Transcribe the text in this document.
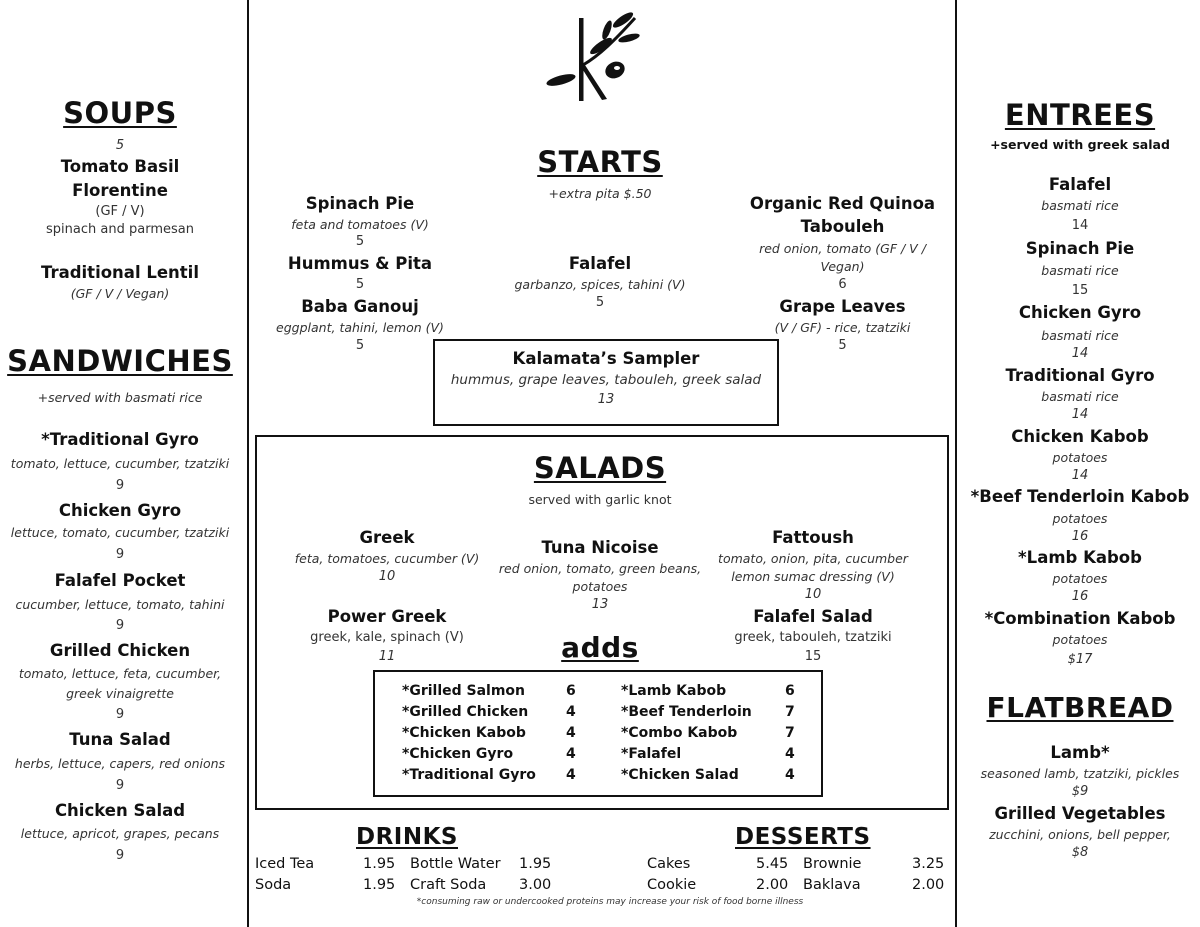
SOUPS
5
Tomato Basil
Florentine
(GF / V)
spinach and parmesan
Traditional Lentil
(GF / V / Vegan)
SANDWICHES
+served with basmati rice
*Traditional Gyro
tomato, lettuce, cucumber, tzatziki
9
Chicken Gyro
lettuce, tomato, cucumber, tzatziki
9
Falafel Pocket
cucumber, lettuce, tomato, tahini
9
Grilled Chicken
tomato, lettuce, feta, cucumber,
greek vinaigrette
9
Tuna Salad
herbs, lettuce, capers, red onions
9
Chicken Salad
lettuce, apricot, grapes, pecans
9
STARTS
+extra pita $.50
Spinach Pie
feta and tomatoes (V)
5
Hummus & Pita
5
Baba Ganouj
eggplant, tahini, lemon (V)
5
Falafel
garbanzo, spices, tahini (V)
5
Organic Red Quinoa
Tabouleh
red onion, tomato (GF / V /
Vegan)
6
Grape Leaves
(V / GF) - rice, tzatziki
5
Kalamata’s Sampler
hummus, grape leaves, tabouleh, greek salad
13
SALADS
served with garlic knot
Greek
feta, tomatoes, cucumber (V)
10
Tuna Nicoise
red onion, tomato, green beans,
potatoes
13
Fattoush
tomato, onion, pita, cucumber
lemon sumac dressing (V)
10
Power Greek
greek, kale, spinach (V)
11
Falafel Salad
greek, tabouleh, tzatziki
15
adds
*Grilled Salmon	6
*Grilled Chicken	4
*Chicken Kabob	4
*Chicken Gyro	4
*Traditional Gyro	4
*Lamb Kabob	6
*Beef Tenderloin	7
*Combo Kabob	7
*Falafel	4
*Chicken Salad	4
DRINKS
Iced Tea	1.95
Soda	1.95
Bottle Water	1.95
Craft Soda	3.00
DESSERTS
Cakes	5.45
Cookie	2.00
Brownie	3.25
Baklava	2.00
*consuming raw or undercooked proteins may increase your risk of food borne illness
ENTREES
+served with greek salad
Falafel
basmati rice
14
Spinach Pie
basmati rice
15
Chicken Gyro
basmati rice
14
Traditional Gyro
basmati rice
14
Chicken Kabob
potatoes
14
*Beef Tenderloin Kabob
potatoes
16
*Lamb Kabob
potatoes
16
*Combination Kabob
potatoes
$17
FLATBREAD
Lamb*
seasoned lamb, tzatziki, pickles
$9
Grilled Vegetables
zucchini, onions, bell pepper,
$8
